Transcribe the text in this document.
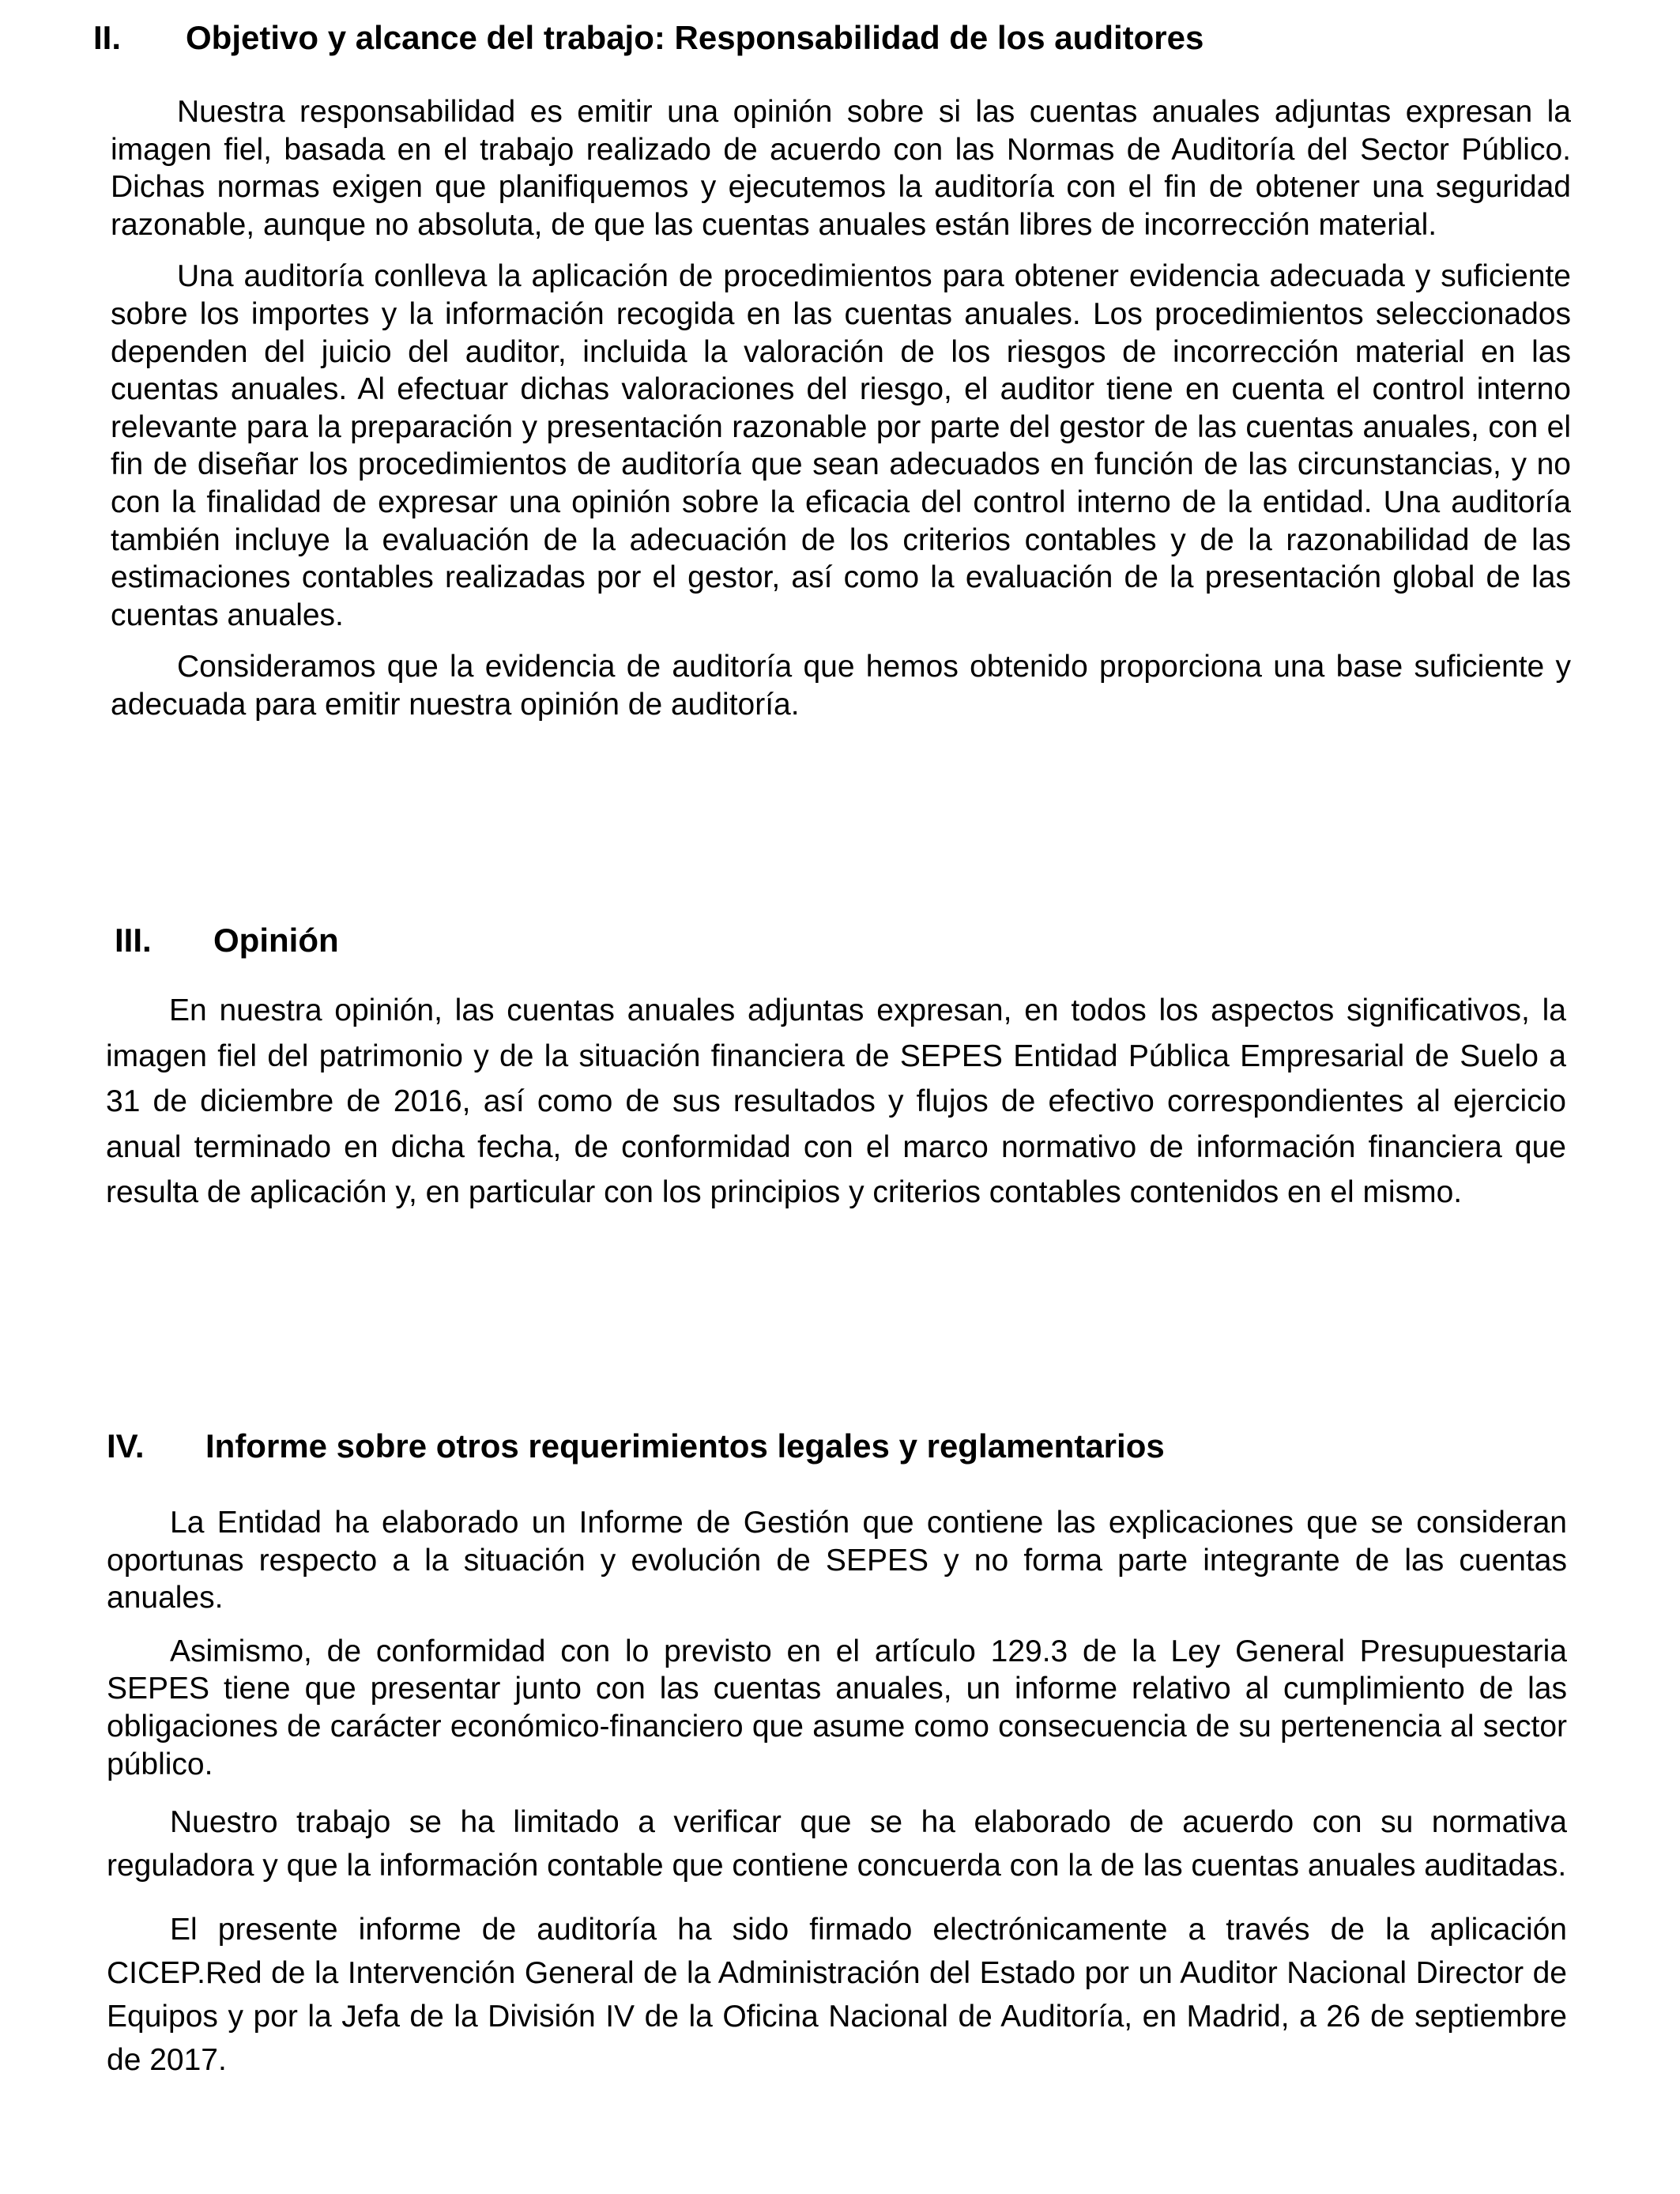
II. Objetivo y alcance del trabajo: Responsabilidad de los auditores

Nuestra responsabilidad es emitir una opinión sobre si las cuentas anuales adjuntas expresan la imagen fiel, basada en el trabajo realizado de acuerdo con las Normas de Auditoría del Sector Público. Dichas normas exigen que planifiquemos y ejecutemos la auditoría con el fin de obtener una seguridad razonable, aunque no absoluta, de que las cuentas anuales están libres de incorrección material.

Una auditoría conlleva la aplicación de procedimientos para obtener evidencia adecuada y suficiente sobre los importes y la información recogida en las cuentas anuales. Los procedimientos seleccionados dependen del juicio del auditor, incluida la valoración de los riesgos de incorrección material en las cuentas anuales. Al efectuar dichas valoraciones del riesgo, el auditor tiene en cuenta el control interno relevante para la preparación y presentación razonable por parte del gestor de las cuentas anuales, con el fin de diseñar los procedimientos de auditoría que sean adecuados en función de las circunstancias, y no con la finalidad de expresar una opinión sobre la eficacia del control interno de la entidad. Una auditoría también incluye la evaluación de la adecuación de los criterios contables y de la razonabilidad de las estimaciones contables realizadas por el gestor, así como la evaluación de la presentación global de las cuentas anuales.

Consideramos que la evidencia de auditoría que hemos obtenido proporciona una base suficiente y adecuada para emitir nuestra opinión de auditoría.

III. Opinión

En nuestra opinión, las cuentas anuales adjuntas expresan, en todos los aspectos significativos, la imagen fiel del patrimonio y de la situación financiera de SEPES Entidad Pública Empresarial de Suelo a 31 de diciembre de 2016, así como de sus resultados y flujos de efectivo correspondientes al ejercicio anual terminado en dicha fecha, de conformidad con el marco normativo de información financiera que resulta de aplicación y, en particular con los principios y criterios contables contenidos en el mismo.

IV. Informe sobre otros requerimientos legales y reglamentarios

La Entidad ha elaborado un Informe de Gestión que contiene las explicaciones que se consideran oportunas respecto a la situación y evolución de SEPES y no forma parte integrante de las cuentas anuales.

Asimismo, de conformidad con lo previsto en el artículo 129.3 de la Ley General Presupuestaria SEPES tiene que presentar junto con las cuentas anuales, un informe relativo al cumplimiento de las obligaciones de carácter económico-financiero que asume como consecuencia de su pertenencia al sector público.

Nuestro trabajo se ha limitado a verificar que se ha elaborado de acuerdo con su normativa reguladora y que la información contable que contiene concuerda con la de las cuentas anuales auditadas.

El presente informe de auditoría ha sido firmado electrónicamente a través de la aplicación CICEP.Red de la Intervención General de la Administración del Estado por un Auditor Nacional Director de Equipos y por la Jefa de la División IV de la Oficina Nacional de Auditoría, en Madrid, a 26 de septiembre de 2017.
